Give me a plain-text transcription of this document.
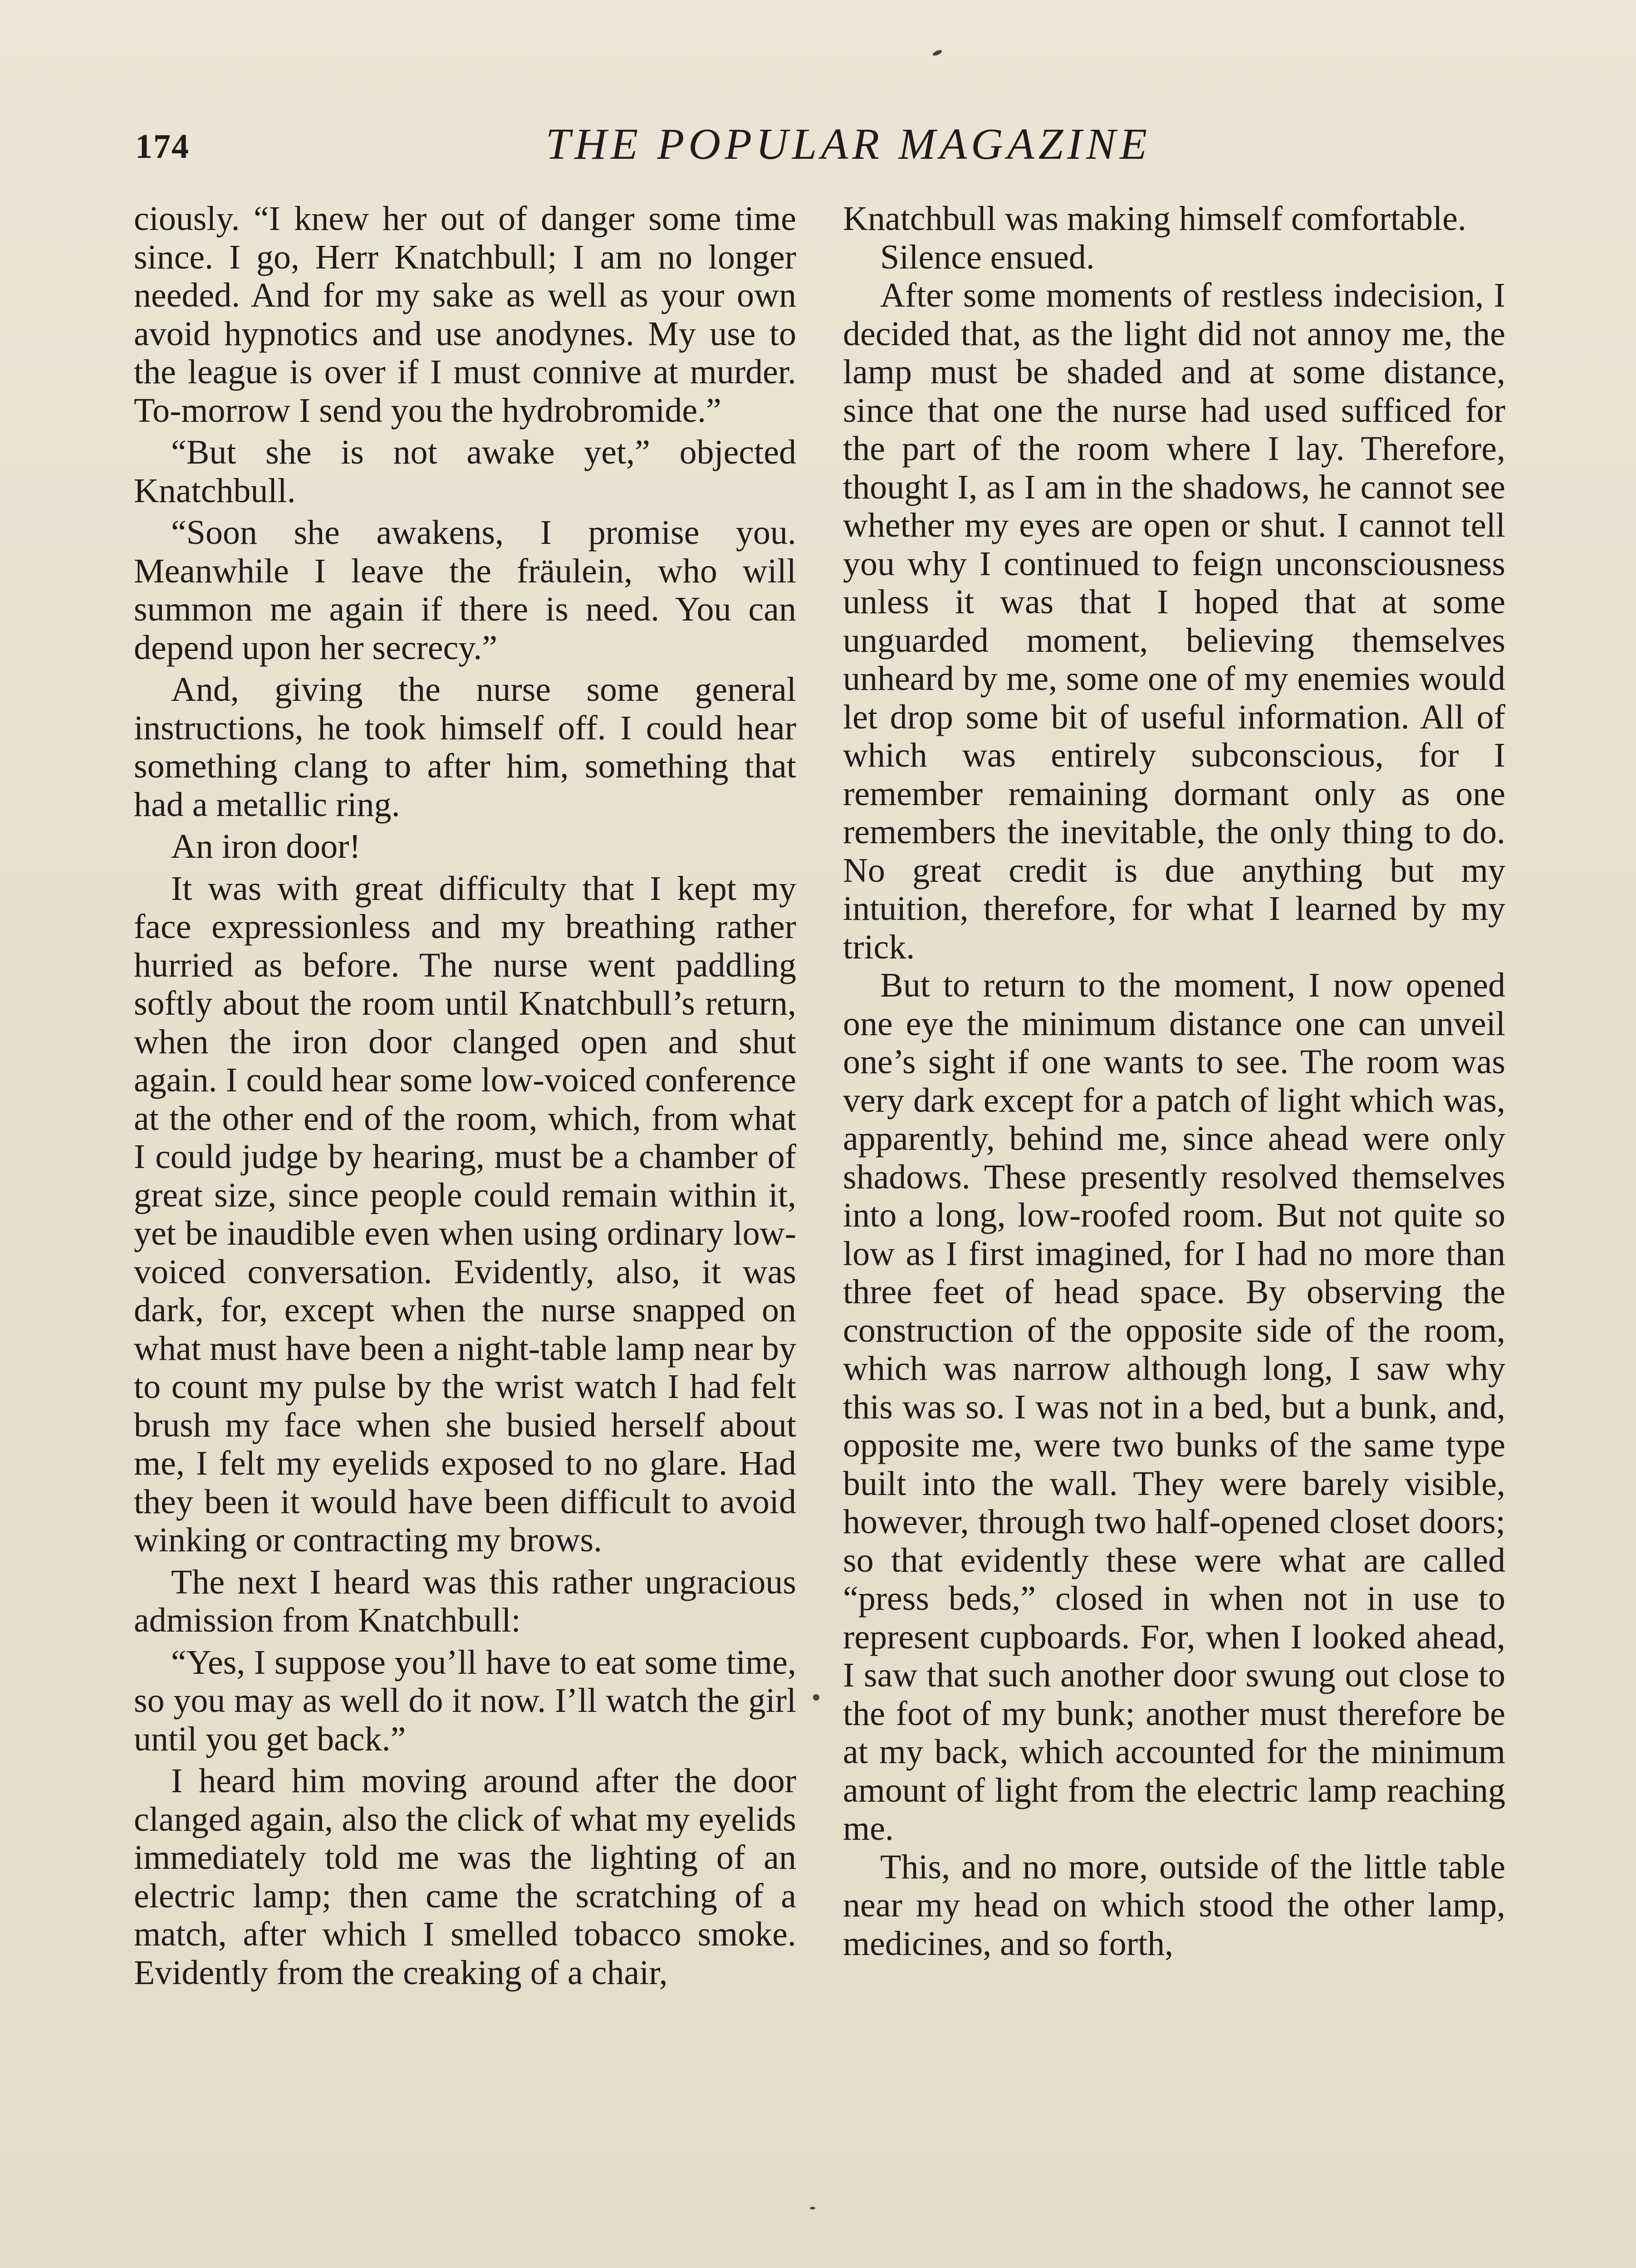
174	THE POPULAR MAGAZINE

ciously. “I knew her out of danger some time since. I go, Herr Knatchbull; I am no longer needed. And for my sake as well as your own avoid hypnotics and use anodynes. My use to the league is over if I must connive at murder. To-morrow I send you the hydrobromide.”

“But she is not awake yet,” objected Knatchbull.

“Soon she awakens, I promise you. Meanwhile I leave the fräulein, who will summon me again if there is need. You can depend upon her secrecy.”

And, giving the nurse some general instructions, he took himself off. I could hear something clang to after him, something that had a metallic ring.

An iron door!

It was with great difficulty that I kept my face expressionless and my breathing rather hurried as before. The nurse went paddling softly about the room until Knatchbull’s return, when the iron door clanged open and shut again. I could hear some low-voiced conference at the other end of the room, which, from what I could judge by hearing, must be a chamber of great size, since people could remain within it, yet be inaudible even when using ordinary low-voiced conversation. Evidently, also, it was dark, for, except when the nurse snapped on what must have been a night-table lamp near by to count my pulse by the wrist watch I had felt brush my face when she busied herself about me, I felt my eyelids exposed to no glare. Had they been it would have been difficult to avoid winking or contracting my brows.

The next I heard was this rather ungracious admission from Knatchbull:

“Yes, I suppose you’ll have to eat some time, so you may as well do it now. I’ll watch the girl until you get back.”

I heard him moving around after the door clanged again, also the click of what my eyelids immediately told me was the lighting of an electric lamp; then came the scratching of a match, after which I smelled tobacco smoke. Evidently from the creaking of a chair,

Knatchbull was making himself comfortable.

Silence ensued.

After some moments of restless indecision, I decided that, as the light did not annoy me, the lamp must be shaded and at some distance, since that one the nurse had used sufficed for the part of the room where I lay. Therefore, thought I, as I am in the shadows, he cannot see whether my eyes are open or shut. I cannot tell you why I continued to feign unconsciousness unless it was that I hoped that at some unguarded moment, believing themselves unheard by me, some one of my enemies would let drop some bit of useful information. All of which was entirely subconscious, for I remember remaining dormant only as one remembers the inevitable, the only thing to do. No great credit is due anything but my intuition, therefore, for what I learned by my trick.

But to return to the moment, I now opened one eye the minimum distance one can unveil one’s sight if one wants to see. The room was very dark except for a patch of light which was, apparently, behind me, since ahead were only shadows. These presently resolved themselves into a long, low-roofed room. But not quite so low as I first imagined, for I had no more than three feet of head space. By observing the construction of the opposite side of the room, which was narrow although long, I saw why this was so. I was not in a bed, but a bunk, and, opposite me, were two bunks of the same type built into the wall. They were barely visible, however, through two half-opened closet doors; so that evidently these were what are called “press beds,” closed in when not in use to represent cupboards. For, when I looked ahead, I saw that such another door swung out close to the foot of my bunk; another must therefore be at my back, which accounted for the minimum amount of light from the electric lamp reaching me.

This, and no more, outside of the little table near my head on which stood the other lamp, medicines, and so forth,
